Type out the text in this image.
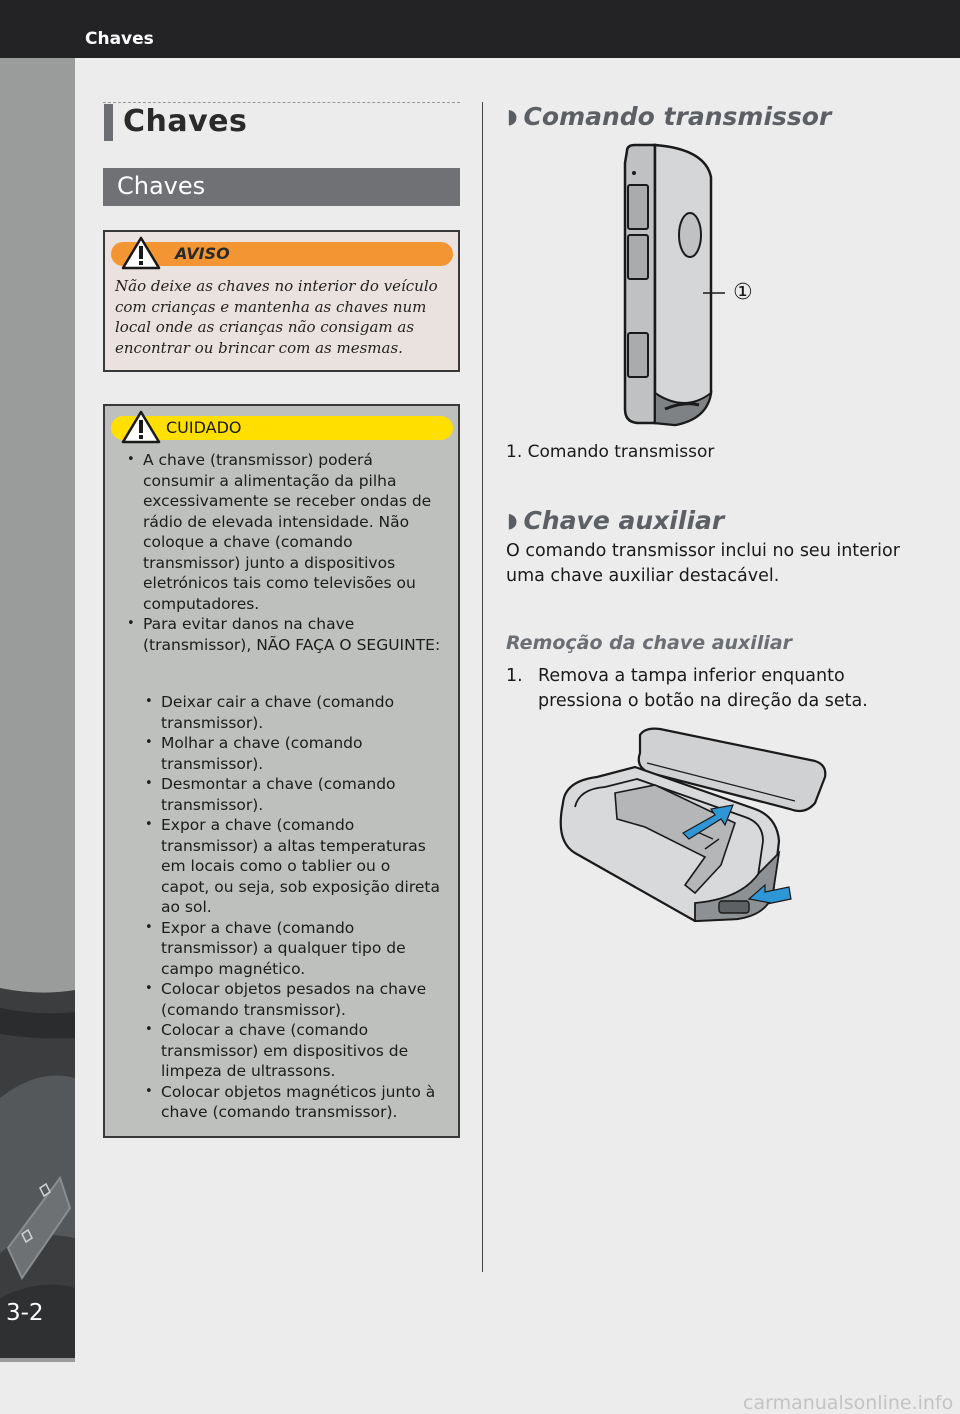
Chaves
3-2
Chaves
Chaves
AVISO
Não deixe as chaves no interior do veículo com crianças e mantenha as chaves num local onde as crianças não consigam as encontrar ou brincar com as mesmas.
CUIDADO
• A chave (transmissor) poderá consumir a alimentação da pilha excessivamente se receber ondas de rádio de elevada intensidade. Não coloque a chave (comando transmissor) junto a dispositivos eletrónicos tais como televisões ou computadores.
• Para evitar danos na chave (transmissor), NÃO FAÇA O SEGUINTE:
• Deixar cair a chave (comando transmissor).
• Molhar a chave (comando transmissor).
• Desmontar a chave (comando transmissor).
• Expor a chave (comando transmissor) a altas temperaturas em locais como o tablier ou o capot, ou seja, sob exposição direta ao sol.
• Expor a chave (comando transmissor) a qualquer tipo de campo magnético.
• Colocar objetos pesados na chave (comando transmissor).
• Colocar a chave (comando transmissor) em dispositivos de limpeza de ultrassons.
• Colocar objetos magnéticos junto à chave (comando transmissor).
◗ Comando transmissor
①
1. Comando transmissor
◗ Chave auxiliar
O comando transmissor inclui no seu interior uma chave auxiliar destacável.
Remoção da chave auxiliar
1. Remova a tampa inferior enquanto pressiona o botão na direção da seta.
carmanualsonline.info
